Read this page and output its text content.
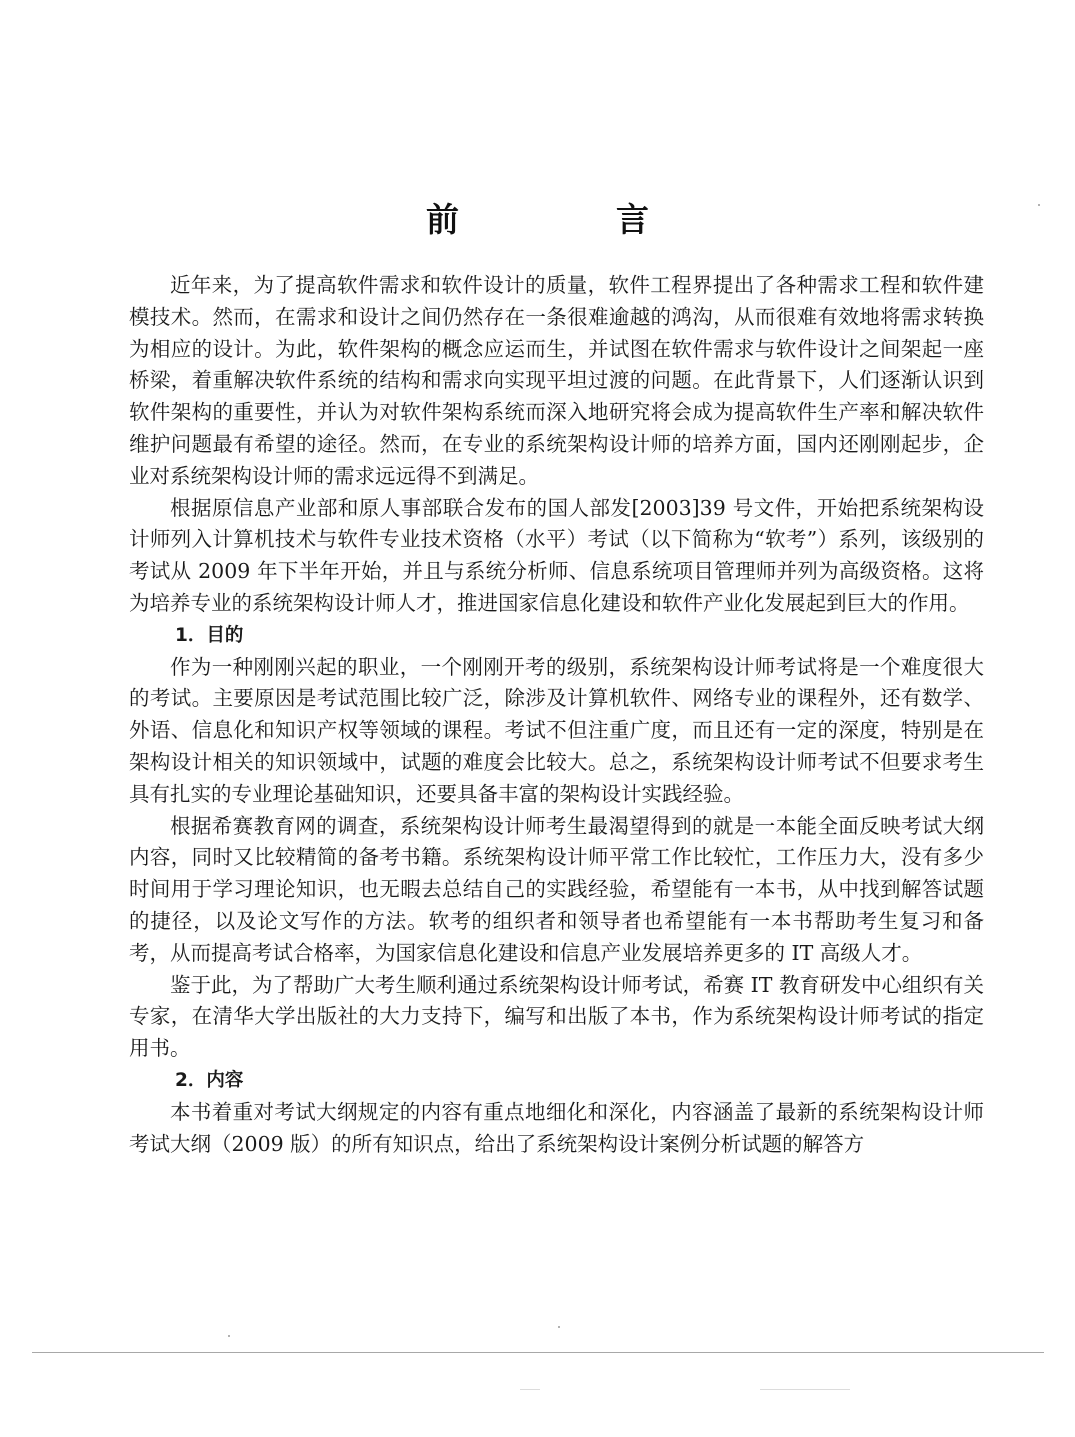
前　言

近年来，为了提高软件需求和软件设计的质量，软件工程界提出了各种需求工程和软件建模技术。然而，在需求和设计之间仍然存在一条很难逾越的鸿沟，从而很难有效地将需求转换为相应的设计。为此，软件架构的概念应运而生，并试图在软件需求与软件设计之间架起一座桥梁，着重解决软件系统的结构和需求向实现平坦过渡的问题。在此背景下，人们逐渐认识到软件架构的重要性，并认为对软件架构系统而深入地研究将会成为提高软件生产率和解决软件维护问题最有希望的途径。然而，在专业的系统架构设计师的培养方面，国内还刚刚起步，企业对系统架构设计师的需求远远得不到满足。

根据原信息产业部和原人事部联合发布的国人部发[2003]39 号文件，开始把系统架构设计师列入计算机技术与软件专业技术资格（水平）考试（以下简称为“软考”）系列，该级别的考试从 2009 年下半年开始，并且与系统分析师、信息系统项目管理师并列为高级资格。这将为培养专业的系统架构设计师人才，推进国家信息化建设和软件产业化发展起到巨大的作用。

1．目的

作为一种刚刚兴起的职业，一个刚刚开考的级别，系统架构设计师考试将是一个难度很大的考试。主要原因是考试范围比较广泛，除涉及计算机软件、网络专业的课程外，还有数学、外语、信息化和知识产权等领域的课程。考试不但注重广度，而且还有一定的深度，特别是在架构设计相关的知识领域中，试题的难度会比较大。总之，系统架构设计师考试不但要求考生具有扎实的专业理论基础知识，还要具备丰富的架构设计实践经验。

根据希赛教育网的调查，系统架构设计师考生最渴望得到的就是一本能全面反映考试大纲内容，同时又比较精简的备考书籍。系统架构设计师平常工作比较忙，工作压力大，没有多少时间用于学习理论知识，也无暇去总结自己的实践经验，希望能有一本书，从中找到解答试题的捷径，以及论文写作的方法。软考的组织者和领导者也希望能有一本书帮助考生复习和备考，从而提高考试合格率，为国家信息化建设和信息产业发展培养更多的 IT 高级人才。

鉴于此，为了帮助广大考生顺利通过系统架构设计师考试，希赛 IT 教育研发中心组织有关专家，在清华大学出版社的大力支持下，编写和出版了本书，作为系统架构设计师考试的指定用书。

2．内容

本书着重对考试大纲规定的内容有重点地细化和深化，内容涵盖了最新的系统架构设计师考试大纲（2009 版）的所有知识点，给出了系统架构设计案例分析试题的解答方
